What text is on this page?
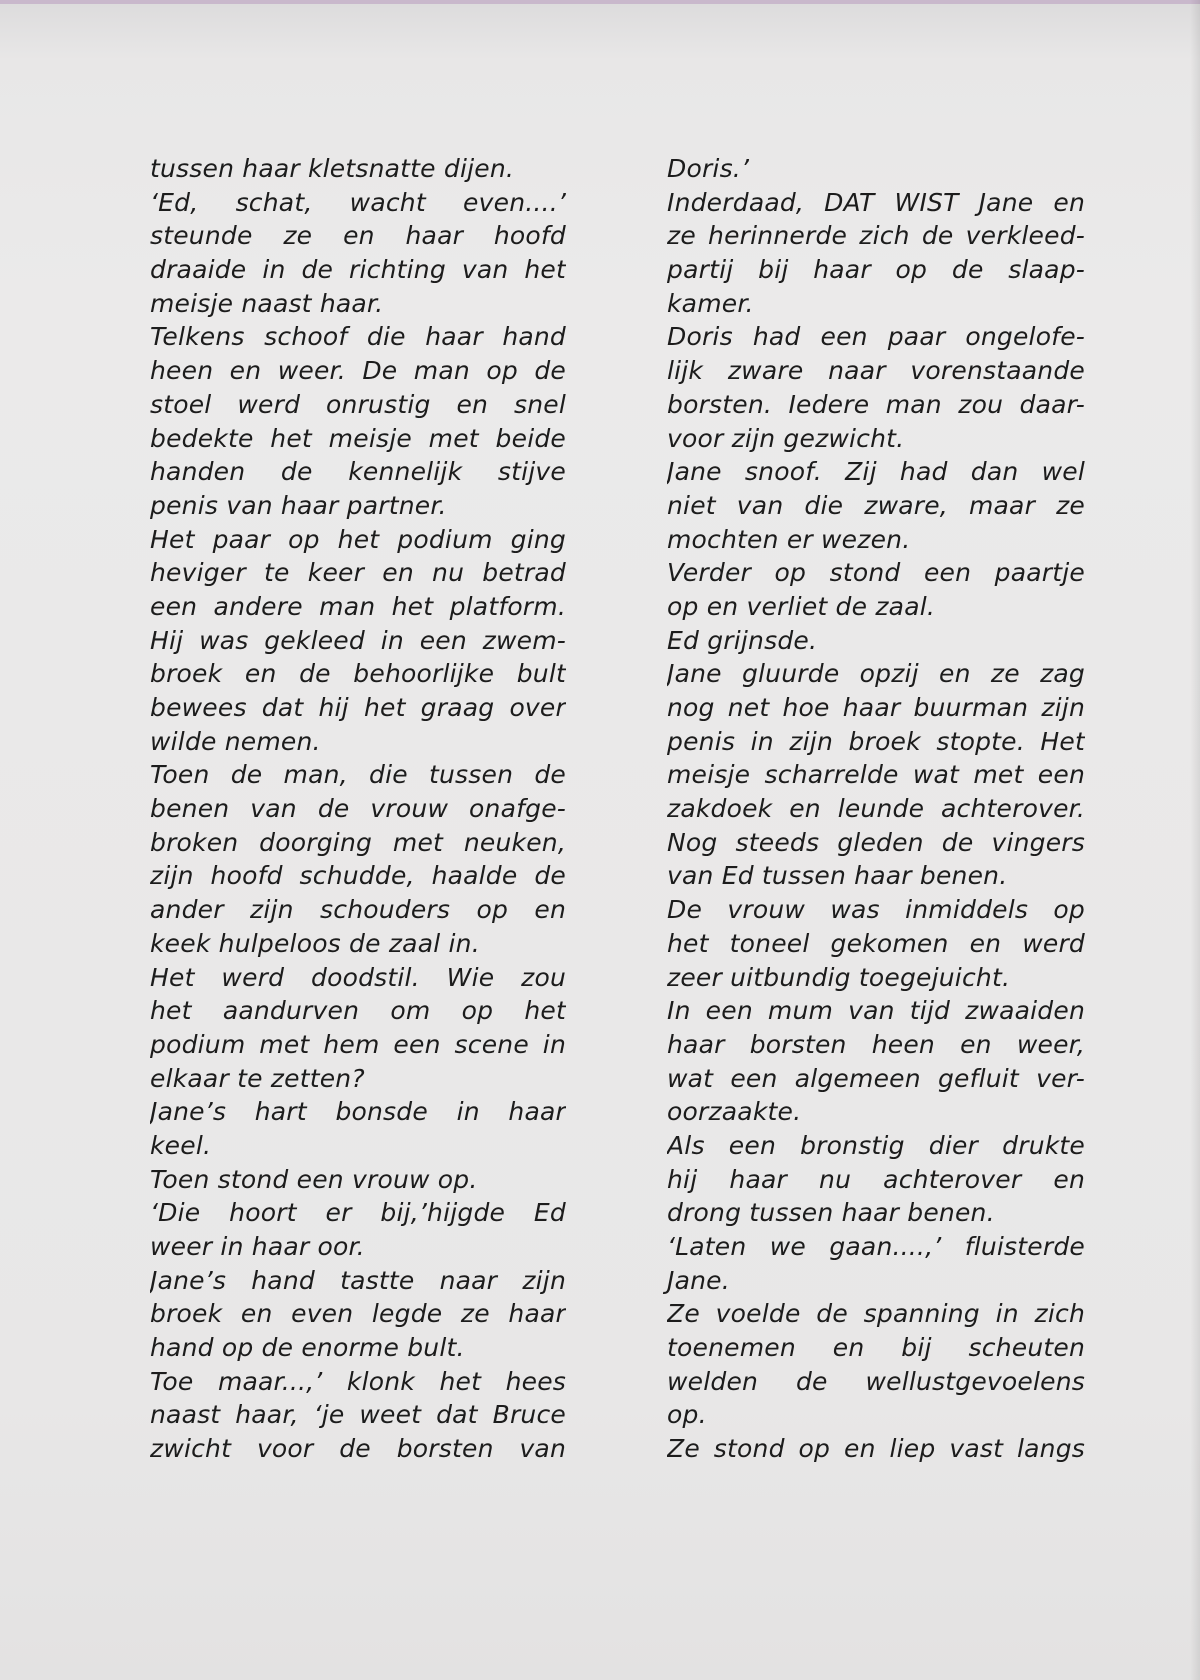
tussen haar kletsnatte dijen.
‘Ed, schat, wacht even....’
steunde ze en haar hoofd
draaide in de richting van het
meisje naast haar.
Telkens schoof die haar hand
heen en weer. De man op de
stoel werd onrustig en snel
bedekte het meisje met beide
handen de kennelijk stijve
penis van haar partner.
Het paar op het podium ging
heviger te keer en nu betrad
een andere man het platform.
Hij was gekleed in een zwem-
broek en de behoorlijke bult
bewees dat hij het graag over
wilde nemen.
Toen de man, die tussen de
benen van de vrouw onafge-
broken doorging met neuken,
zijn hoofd schudde, haalde de
ander zijn schouders op en
keek hulpeloos de zaal in.
Het werd doodstil. Wie zou
het aandurven om op het
podium met hem een scene in
elkaar te zetten?
Jane’s hart bonsde in haar
keel.
Toen stond een vrouw op.
‘Die hoort er bij,’hijgde Ed
weer in haar oor.
Jane’s hand tastte naar zijn
broek en even legde ze haar
hand op de enorme bult.
Toe maar...,’ klonk het hees
naast haar, ‘je weet dat Bruce
zwicht voor de borsten van
Doris.’
Inderdaad, DAT WIST Jane en
ze herinnerde zich de verkleed-
partij bij haar op de slaap-
kamer.
Doris had een paar ongelofe-
lijk zware naar vorenstaande
borsten. Iedere man zou daar-
voor zijn gezwicht.
Jane snoof. Zij had dan wel
niet van die zware, maar ze
mochten er wezen.
Verder op stond een paartje
op en verliet de zaal.
Ed grijnsde.
Jane gluurde opzij en ze zag
nog net hoe haar buurman zijn
penis in zijn broek stopte. Het
meisje scharrelde wat met een
zakdoek en leunde achterover.
Nog steeds gleden de vingers
van Ed tussen haar benen.
De vrouw was inmiddels op
het toneel gekomen en werd
zeer uitbundig toegejuicht.
In een mum van tijd zwaaiden
haar borsten heen en weer,
wat een algemeen gefluit ver-
oorzaakte.
Als een bronstig dier drukte
hij haar nu achterover en
drong tussen haar benen.
‘Laten we gaan....,’ fluisterde
Jane.
Ze voelde de spanning in zich
toenemen en bij scheuten
welden de wellustgevoelens
op.
Ze stond op en liep vast langs
